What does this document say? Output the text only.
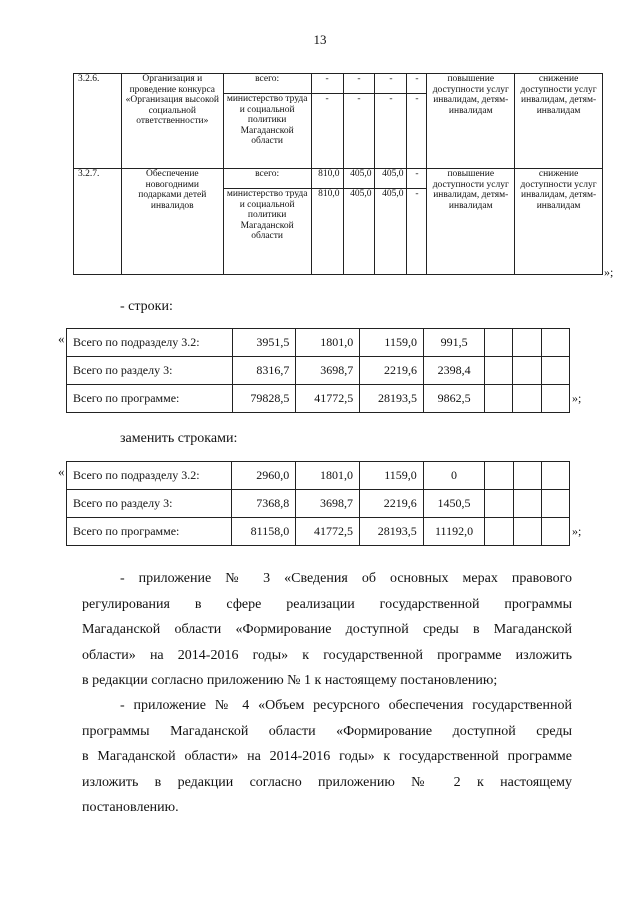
13
3.2.6.	Организация и проведение конкурса «Организация высокой социальной ответственности»	всего:	-	-	-	-	повышение доступности услуг инвалидам, детям-инвалидам	снижение доступности услуг инвалидам, детям-инвалидам
		министерство труда и социальной политики Магаданской области	-	-	-	-		
3.2.7.	Обеспечение новогодними подарками детей инвалидов	всего:	810,0	405,0	405,0	-	повышение доступности услуг инвалидам, детям-инвалидам	снижение доступности услуг инвалидам, детям-инвалидам
		министерство труда и социальной политики Магаданской области	810,0	405,0	405,0	-		
»;
- строки:
« Всего по подразделу 3.2:	3951,5	1801,0	1159,0	991,5			
Всего по разделу 3:	8316,7	3698,7	2219,6	2398,4			
Всего по программе:	79828,5	41772,5	28193,5	9862,5				»;
заменить строками:
« Всего по подразделу 3.2:	2960,0	1801,0	1159,0	0			
Всего по разделу 3:	7368,8	3698,7	2219,6	1450,5			
Всего по программе:	81158,0	41772,5	28193,5	11192,0				»;
- приложение № 3 «Сведения об основных мерах правового
регулирования в сфере реализации государственной программы
Магаданской области «Формирование доступной среды в Магаданской
области» на 2014-2016 годы» к государственной программе изложить
в редакции согласно приложению № 1 к настоящему постановлению;
- приложение № 4 «Объем ресурсного обеспечения государственной
программы Магаданской области «Формирование доступной среды
в Магаданской области» на 2014-2016 годы» к государственной программе
изложить в редакции согласно приложению № 2 к настоящему
постановлению.
